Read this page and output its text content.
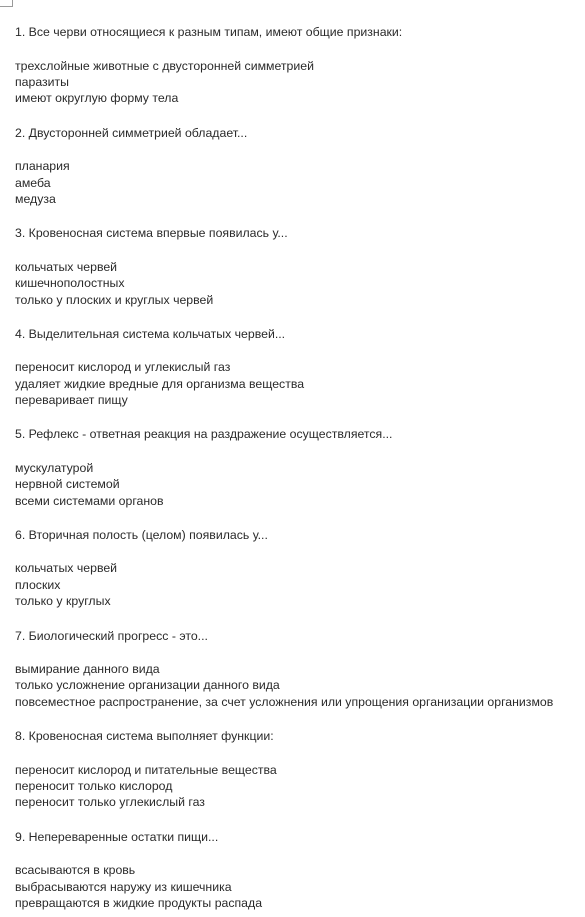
1. Все черви относящиеся к разным типам, имеют общие признаки:
трехслойные животные с двусторонней симметрией
паразиты
имеют округлую форму тела
2. Двусторонней симметрией обладает...
планария
амеба
медуза
3. Кровеносная система впервые появилась у...
кольчатых червей
кишечнополостных
только у плоских и круглых червей
4. Выделительная система кольчатых червей...
переносит кислород и углекислый газ
удаляет жидкие вредные для организма вещества
переваривает пищу
5. Рефлекс - ответная реакция на раздражение осуществляется...
мускулатурой
нервной системой
всеми системами органов
6. Вторичная полость (целом) появилась у...
кольчатых червей
плоских
только у круглых
7. Биологический прогресс - это...
вымирание данного вида
только усложнение организации данного вида
повсеместное распространение, за счет усложнения или упрощения организации организмов
8. Кровеносная система выполняет функции:
переносит кислород и питательные вещества
переносит только кислород
переносит только углекислый газ
9. Непереваренные остатки пищи...
всасываются в кровь
выбрасываются наружу из кишечника
превращаются в жидкие продукты распада
